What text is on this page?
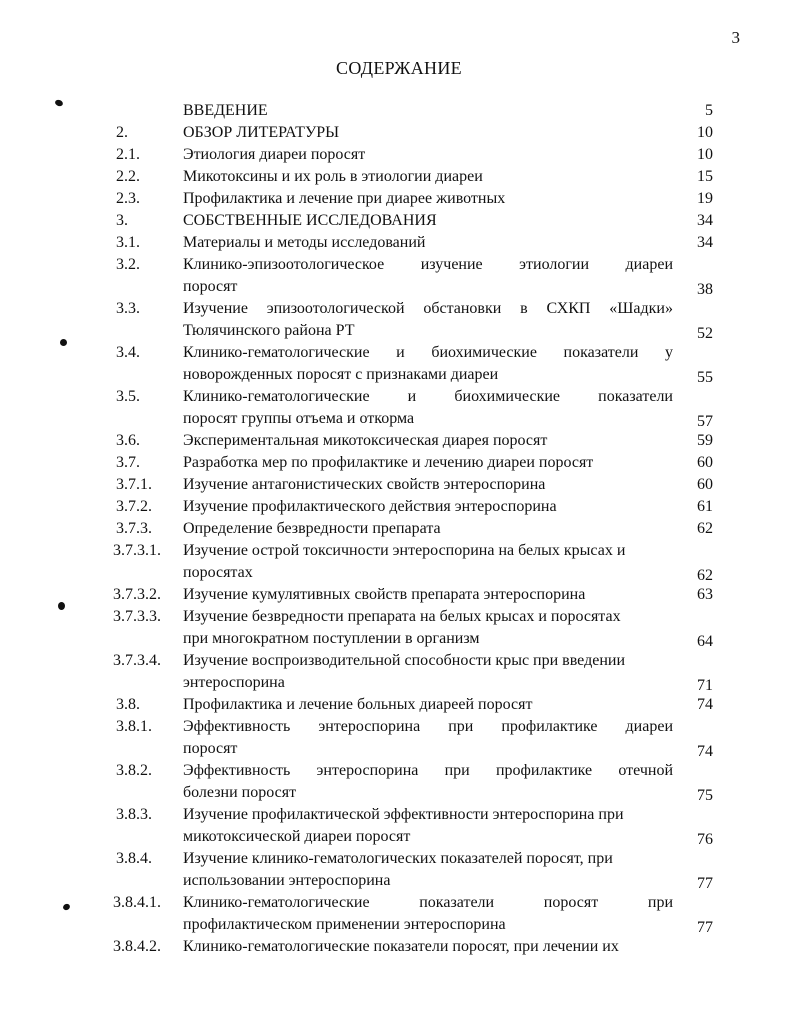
3
СОДЕРЖАНИЕ
ВВЕДЕНИЕ	5
2.	ОБЗОР ЛИТЕРАТУРЫ	10
2.1.	Этиология диареи поросят	10
2.2.	Микотоксины и их роль в этиологии диареи	15
2.3.	Профилактика и лечение при диарее животных	19
3.	СОБСТВЕННЫЕ ИССЛЕДОВАНИЯ	34
3.1.	Материалы и методы исследований	34
3.2.	Клинико-эпизоотологическое изучение этиологии диареи
поросят	38
3.3.	Изучение эпизоотологической обстановки в СХКП «Шадки»
Тюлячинского района РТ	52
3.4.	Клинико-гематологические и биохимические показатели у
новорожденных поросят с признаками диареи	55
3.5.	Клинико-гематологические и биохимические показатели
поросят группы отъема и откорма	57
3.6.	Экспериментальная микотоксическая диарея поросят	59
3.7.	Разработка мер по профилактике и лечению диареи поросят	60
3.7.1. Изучение антагонистических свойств энтероспорина	60
3.7.2. Изучение профилактического действия энтероспорина	61
3.7.3. Определение безвредности препарата	62
3.7.3.1. Изучение острой токсичности энтероспорина на белых крысах и
поросятах	62
3.7.3.2. Изучение кумулятивных свойств препарата энтероспорина	63
3.7.3.3. Изучение безвредности препарата на белых крысах и поросятах
при многократном поступлении в организм	64
3.7.3.4. Изучение воспроизводительной способности крыс при введении
энтероспорина	71
3.8.	Профилактика и лечение больных диареей поросят	74
3.8.1. Эффективность энтероспорина при профилактике диареи
поросят	74
3.8.2. Эффективность энтероспорина при профилактике отечной
болезни поросят	75
3.8.3. Изучение профилактической эффективности энтероспорина при
микотоксической диареи поросят	76
3.8.4. Изучение клинико-гематологических показателей поросят, при
использовании энтероспорина	77
3.8.4.1. Клинико-гематологические показатели поросят при
профилактическом применении энтероспорина	77
3.8.4.2. Клинико-гематологические показатели поросят, при лечении их
